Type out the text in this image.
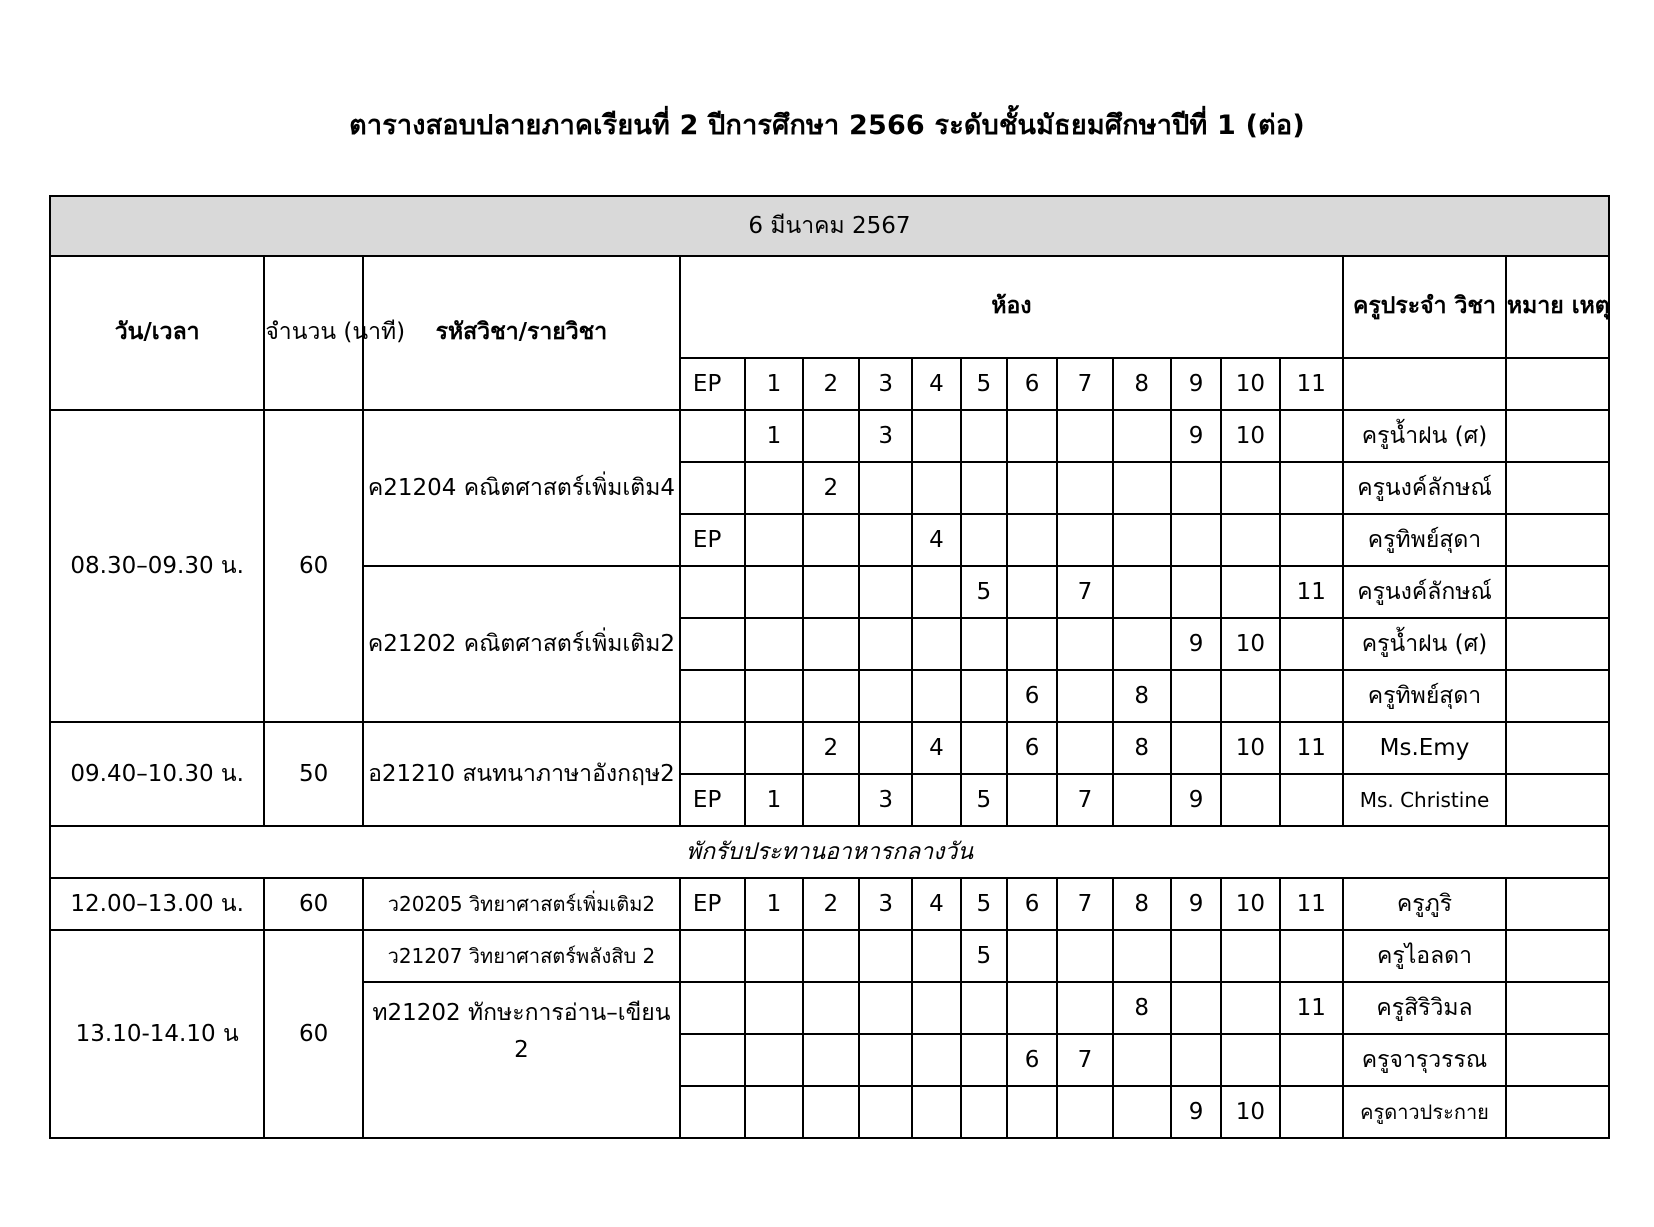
ตารางสอบปลายภาคเรียนที่ 2 ปีการศึกษา 2566 ระดับชั้นมัธยมศึกษาปีที่ 1 (ต่อ)
6 มีนาคม 2567																
วัน/เวลา	จำนวน (นาที)	รหัสวิชา/รายวิชา	ห้อง												ครูประจำ วิชา	หมาย เหตุ
			EP	1	2	3	4	5	6	7	8	9	10	11		
08.30–09.30 น.	60	ค21204 คณิตศาสตร์เพิ่มเติม4		1		3						9	10		ครูน้ำฝน (ศ)	
					2										ครูนงค์ลักษณ์	
			EP				4								ครูทิพย์สุดา	
		ค21202 คณิตศาสตร์เพิ่มเติม2						5		7				11	ครูนงค์ลักษณ์	
												9	10		ครูน้ำฝน (ศ)	
									6		8				ครูทิพย์สุดา	
09.40–10.30 น.	50	อ21210 สนทนาภาษาอังกฤษ2			2		4		6		8		10	11	Ms.Emy	
			EP	1		3		5		7		9			Ms. Christine	
พักรับประทานอาหารกลางวัน																
12.00–13.00 น.	60	ว20205 วิทยาศาสตร์เพิ่มเติม2	EP	1	2	3	4	5	6	7	8	9	10	11	ครูภูริ	
13.10-14.10 น	60	ว21207 วิทยาศาสตร์พลังสิบ 2						5							ครูไอลดา	
		ท21202 ทักษะการอ่าน–เขียน 2									8			11	ครูสิริวิมล	
									6	7					ครูจารุวรรณ	
												9	10		ครูดาวประกาย	
